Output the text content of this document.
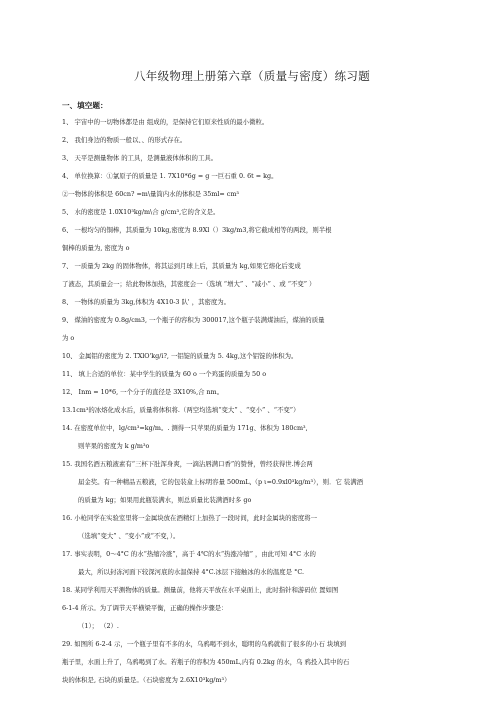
八年级物理上册第六章（质量与密度）练习题
一、填空题：
1、 宇宙中的一切物体都是由 组成的，是保持它们原来性质的最小微粒。
2、 我们身边的物质一般以、、的形式存在。
3、 天平是测量物体 的工具，是测量液体体积的工具。
4、 单位换算：①氯原子的质量是 1. 7X10*6g = g 一巨石重 0. 6t = kg。
②一物体的体积是 60cn? =m\量筒内水的体积是 35ml= cm³
5、 水的密度是 1.0X10³kg/m\合 g/cm³,它的含义是。
6、 一根均匀的铜棒，其质量为 10kg,密度为 8.9Xl（）3kg/m3,将它截成相等的两段，则半根
铜棒的质量为, 密度为 o
7、 一质量为 2kg 的固体物体，将其运到月球上后，其质量为 kg,如果它熔化后变成
了液态，其质量会一；给此物体加热，其密度会一（选填 “增大” 、“减小” 、或 “不变” ）
8、 一物体的质量为 3kg,体积为 4X10-3 队' ，其密度为。
9、 煤油的密度为 0.8g/cm3, 一个瓶子的容积为 300017,这个瓶子装满煤油后，煤油的质量
为 o
10、 金属铝的密度为 2. TXlO'kg/i?, 一铝锭的质量为 5. 4kg,这个铝锭的体积为。
11、 填上合适的单位：某中学生的质量为 60 o 一个鸡蛋的质量为 50 o
12、 Inm = 10*6, 一个分子的直径是 3X10%,合 nm。
13.1cm³的冰熔化成水后，质量将体积将.（两空均选填“变大” 、“变小” 、“不变”）
14. 在密度单位中，lg/cm³=kg/m。. 测得一只苹果的质量为 171g、体积为 180cm³,
则苹果的密度为 k g/m³o
15. 我国名酒五粮液素有“三杯下肚浑身爽，一滴沾唇满口香”的赞誉，曾经获得世.博会两
届金奖。有一种精品五粮液，它的包装盒上标明容量 500mL,（p ι=0.9xl0³kg/m³），则．它 装满酒
的质量为 kg；如果用此瓶装满水，则总质量比装满酒时多 go
16. 小枪同学在实验室里将一金属块放在酒精灯上加热了一段时间，此时金属块的密度将一
（选填“变大” 、“变小”或“不变，）。
17. 事实表明，0〜4°C 的水“热缩冷涨”，高于 4℃的水“热涨冷缩” ，由此可知 4°C 水的
最大，所以封冻河面下较深河底的水温保持 4°C.冰层下接触冰的水的温度是 °C.
18. 某同学利用天平测物体的质量。测量前，他将天平放在水平桌面上，此时指针和游码位 置如图
6-1-4 所示。为了调节天平横梁平衡，正确的操作步骤是：
（1）； （2）.
29. 如图所 6-2-4 示，一个瓶子里有不多的水，乌鸦喝不到水，聪明的乌鸦就衔了很多的小石 块填到
瓶子里，水面上升了，乌鸦喝到了水。若瓶子的容积为 450mL,内有 0.2kg 的水，乌 鸦投入其中的石
块的体积是, 石块的质量是。（石块密度为 2.6X10³kg/m³）
